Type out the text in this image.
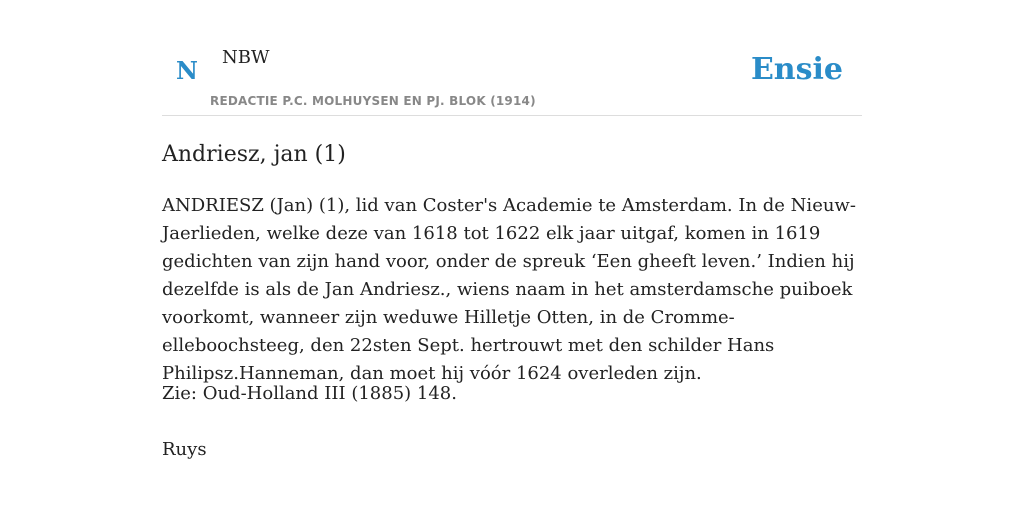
N NBW
REDACTIE P.C. MOLHUYSEN EN PJ. BLOK (1914)
Ensie
Andriesz, jan (1)

ANDRIESZ (Jan) (1), lid van Coster's Academie te Amsterdam. In de Nieuw-Jaerlieden, welke deze van 1618 tot 1622 elk jaar uitgaf, komen in 1619 gedichten van zijn hand voor, onder de spreuk ‘Een gheeft leven.’ Indien hij dezelfde is als de Jan Andriesz., wiens naam in het amsterdamsche puiboek voorkomt, wanneer zijn weduwe Hilletje Otten, in de Cromme-elleboochsteeg, den 22sten Sept. hertrouwt met den schilder Hans Philipsz.Hanneman, dan moet hij vóór 1624 overleden zijn.

Zie: Oud-Holland III (1885) 148.

Ruys
